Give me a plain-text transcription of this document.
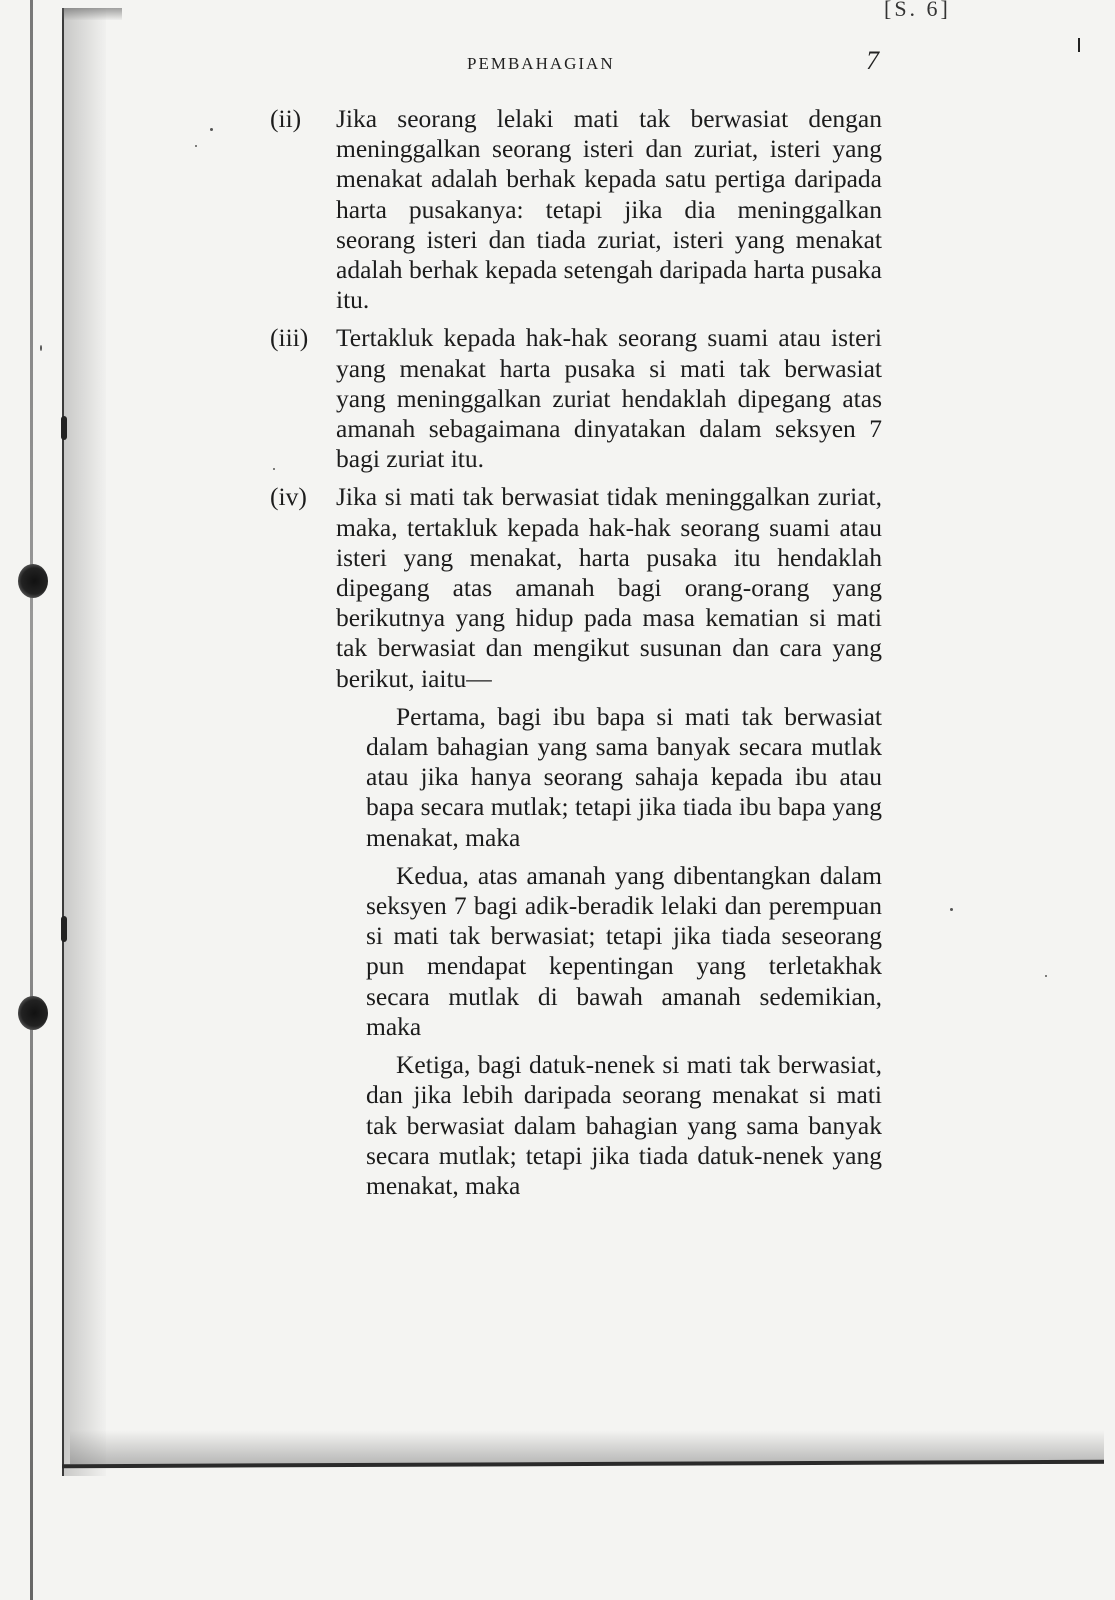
[S. 6]
PEMBAHAGIAN	7
(ii) Jika seorang lelaki mati tak berwasiat dengan meninggalkan seorang isteri dan zuriat, isteri yang menakat adalah berhak kepada satu pertiga daripada harta pusakanya: tetapi jika dia meninggalkan seorang isteri dan tiada zuriat, isteri yang menakat adalah berhak kepada setengah daripada harta pusaka itu.
(iii) Tertakluk kepada hak-hak seorang suami atau isteri yang menakat harta pusaka si mati tak berwasiat yang meninggalkan zuriat hendaklah dipegang atas amanah sebagaimana dinyatakan dalam seksyen 7 bagi zuriat itu.
(iv) Jika si mati tak berwasiat tidak meninggalkan zuriat, maka, tertakluk kepada hak-hak seorang suami atau isteri yang menakat, harta pusaka itu hendaklah dipegang atas amanah bagi orang-orang yang berikutnya yang hidup pada masa kematian si mati tak berwasiat dan mengikut susunan dan cara yang berikut, iaitu—

Pertama, bagi ibu bapa si mati tak berwasiat dalam bahagian yang sama banyak secara mutlak atau jika hanya seorang sahaja kepada ibu atau bapa secara mutlak; tetapi jika tiada ibu bapa yang menakat, maka

Kedua, atas amanah yang dibentangkan dalam seksyen 7 bagi adik-beradik lelaki dan perempuan si mati tak berwasiat; tetapi jika tiada seseorang pun mendapat kepentingan yang terletakhak secara mutlak di bawah amanah sedemikian, maka

Ketiga, bagi datuk-nenek si mati tak berwasiat, dan jika lebih daripada seorang menakat si mati tak berwasiat dalam bahagian yang sama banyak secara mutlak; tetapi jika tiada datuk-nenek yang menakat, maka
